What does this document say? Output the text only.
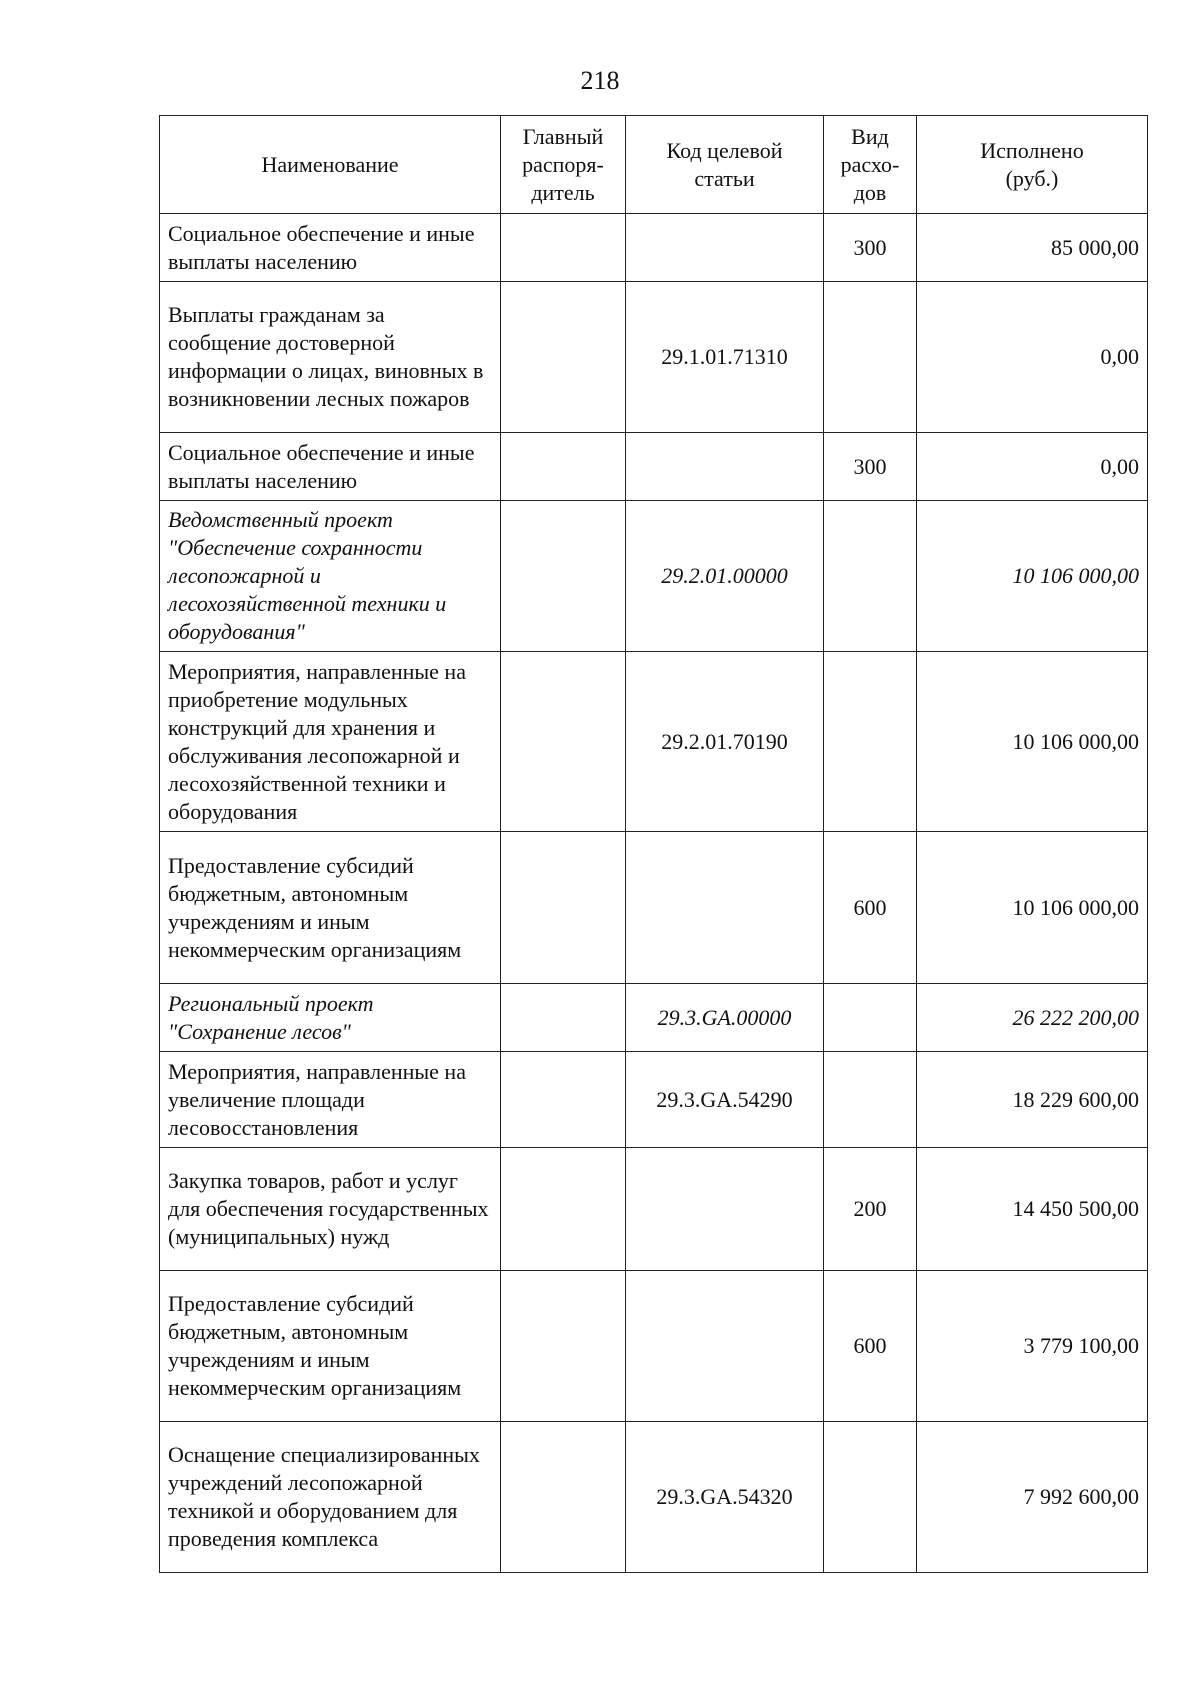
218
Наименование	Главный распоря-дитель	Код целевой статьи	Вид расхо-дов	Исполнено (руб.)
Социальное обеспечение и иные выплаты населению			300	85 000,00
Выплаты гражданам за сообщение достоверной информации о лицах, виновных в возникновении лесных пожаров		29.1.01.71310		0,00
Социальное обеспечение и иные выплаты населению			300	0,00
Ведомственный проект "Обеспечение сохранности лесопожарной и лесохозяйственной техники и оборудования"		29.2.01.00000		10 106 000,00
Мероприятия, направленные на приобретение модульных конструкций для хранения и обслуживания лесопожарной и лесохозяйственной техники и оборудования		29.2.01.70190		10 106 000,00
Предоставление субсидий бюджетным, автономным учреждениям и иным некоммерческим организациям			600	10 106 000,00
Региональный проект "Сохранение лесов"		29.3.GA.00000		26 222 200,00
Мероприятия, направленные на увеличение площади лесовосстановления		29.3.GA.54290		18 229 600,00
Закупка товаров, работ и услуг для обеспечения государственных (муниципальных) нужд			200	14 450 500,00
Предоставление субсидий бюджетным, автономным учреждениям и иным некоммерческим организациям			600	3 779 100,00
Оснащение специализированных учреждений лесопожарной техникой и оборудованием для проведения комплекса		29.3.GA.54320		7 992 600,00
